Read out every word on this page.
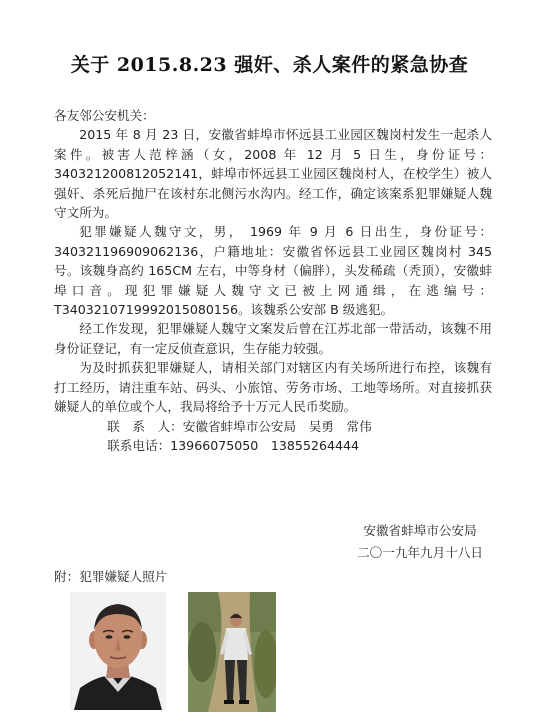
关于 2015.8.23 强奸、杀人案件的紧急协查

各友邻公安机关：

2015 年 8 月 23 日，安徽省蚌埠市怀远县工业园区魏岗村发生一起杀人案件。被害人范梓涵（女，2008 年 12 月 5 日生，身份证号：340321200812052141，蚌埠市怀远县工业园区魏岗村人，在校学生）被人强奸、杀死后抛尸在该村东北侧污水沟内。经工作，确定该案系犯罪嫌疑人魏守文所为。

犯罪嫌疑人魏守文，男， 1969 年 9 月 6 日出生，身份证号：340321196909062136，户籍地址：安徽省怀远县工业园区魏岗村 345 号。该魏身高约 165CM 左右，中等身材（偏胖），头发稀疏（秃顶），安徽蚌埠口音。现犯罪嫌疑人魏守文已被上网通缉，在逃编号：T3403210719992015080156。该魏系公安部 B 级逃犯。

经工作发现，犯罪嫌疑人魏守文案发后曾在江苏北部一带活动，该魏不用身份证登记，有一定反侦查意识，生存能力较强。

为及时抓获犯罪嫌疑人，请相关部门对辖区内有关场所进行布控，该魏有打工经历，请注重车站、码头、小旅馆、劳务市场、工地等场所。对直接抓获嫌疑人的单位或个人，我局将给予十万元人民币奖励。

联　系　人：安徽省蚌埠市公安局　吴勇　常伟

联系电话：13966075050　13855264444

安徽省蚌埠市公安局
二〇一九年九月十八日
附：犯罪嫌疑人照片
